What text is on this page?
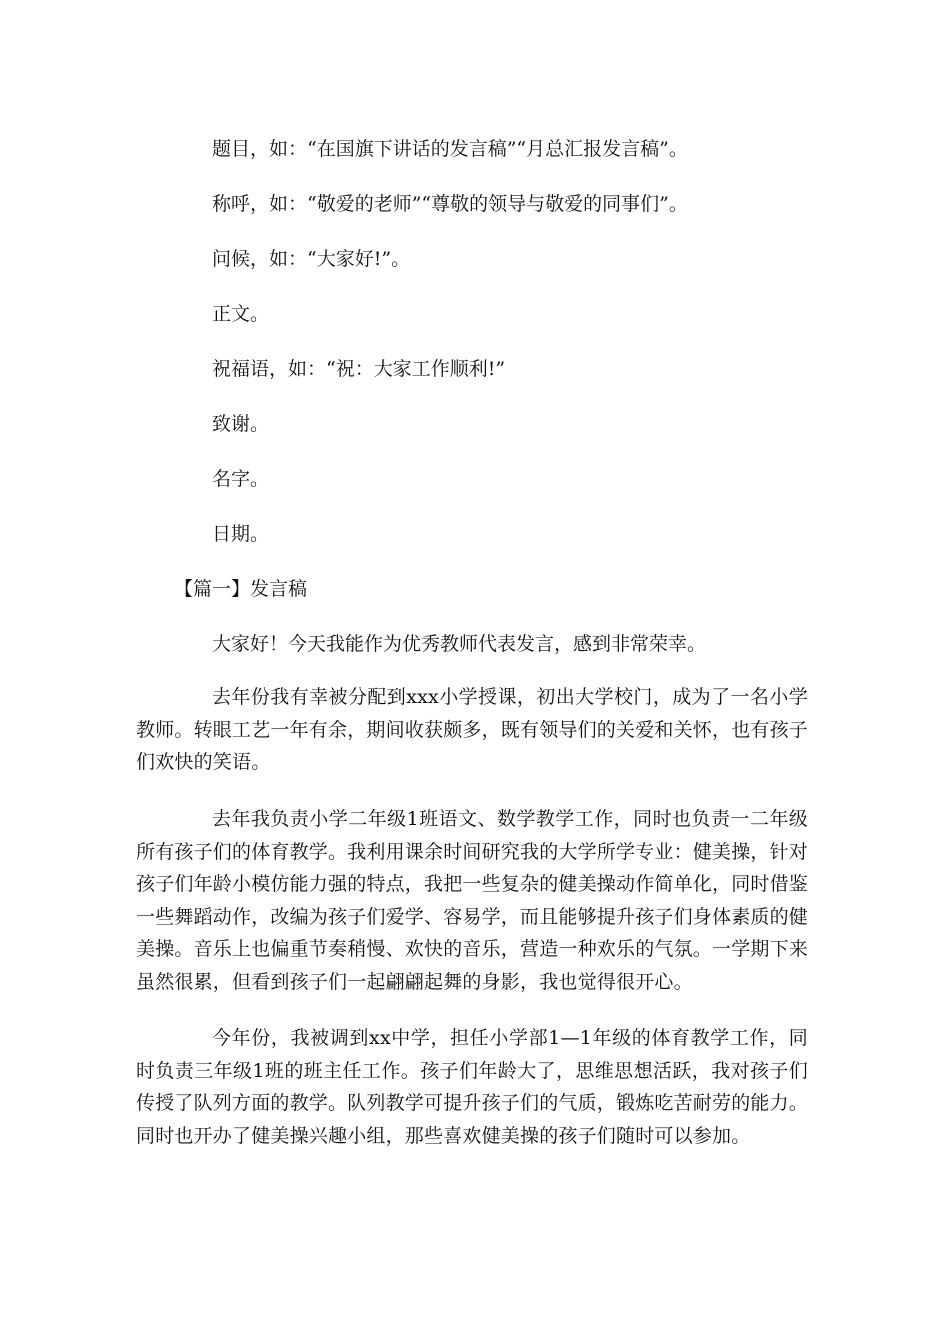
题目，如：“在国旗下讲话的发言稿”“月总汇报发言稿”。

称呼，如：“敬爱的老师”“尊敬的领导与敬爱的同事们”。

问候，如：“大家好!”。

正文。

祝福语，如：“祝：大家工作顺利!”

致谢。

名字。

日期。

【篇一】发言稿

大家好！今天我能作为优秀教师代表发言，感到非常荣幸。

去年份我有幸被分配到xxx小学授课，初出大学校门，成为了一名小学教师。转眼工艺一年有余，期间收获颇多，既有领导们的关爱和关怀，也有孩子们欢快的笑语。

去年我负责小学二年级1班语文、数学教学工作，同时也负责一二年级所有孩子们的体育教学。我利用课余时间研究我的大学所学专业：健美操，针对孩子们年龄小模仿能力强的特点，我把一些复杂的健美操动作简单化，同时借鉴一些舞蹈动作，改编为孩子们爱学、容易学，而且能够提升孩子们身体素质的健美操。音乐上也偏重节奏稍慢、欢快的音乐，营造一种欢乐的气氛。一学期下来虽然很累，但看到孩子们一起翩翩起舞的身影，我也觉得很开心。

今年份，我被调到xx中学，担任小学部1—1年级的体育教学工作，同时负责三年级1班的班主任工作。孩子们年龄大了，思维思想活跃，我对孩子们传授了队列方面的教学。队列教学可提升孩子们的气质，锻炼吃苦耐劳的能力。同时也开办了健美操兴趣小组，那些喜欢健美操的孩子们随时可以参加。
